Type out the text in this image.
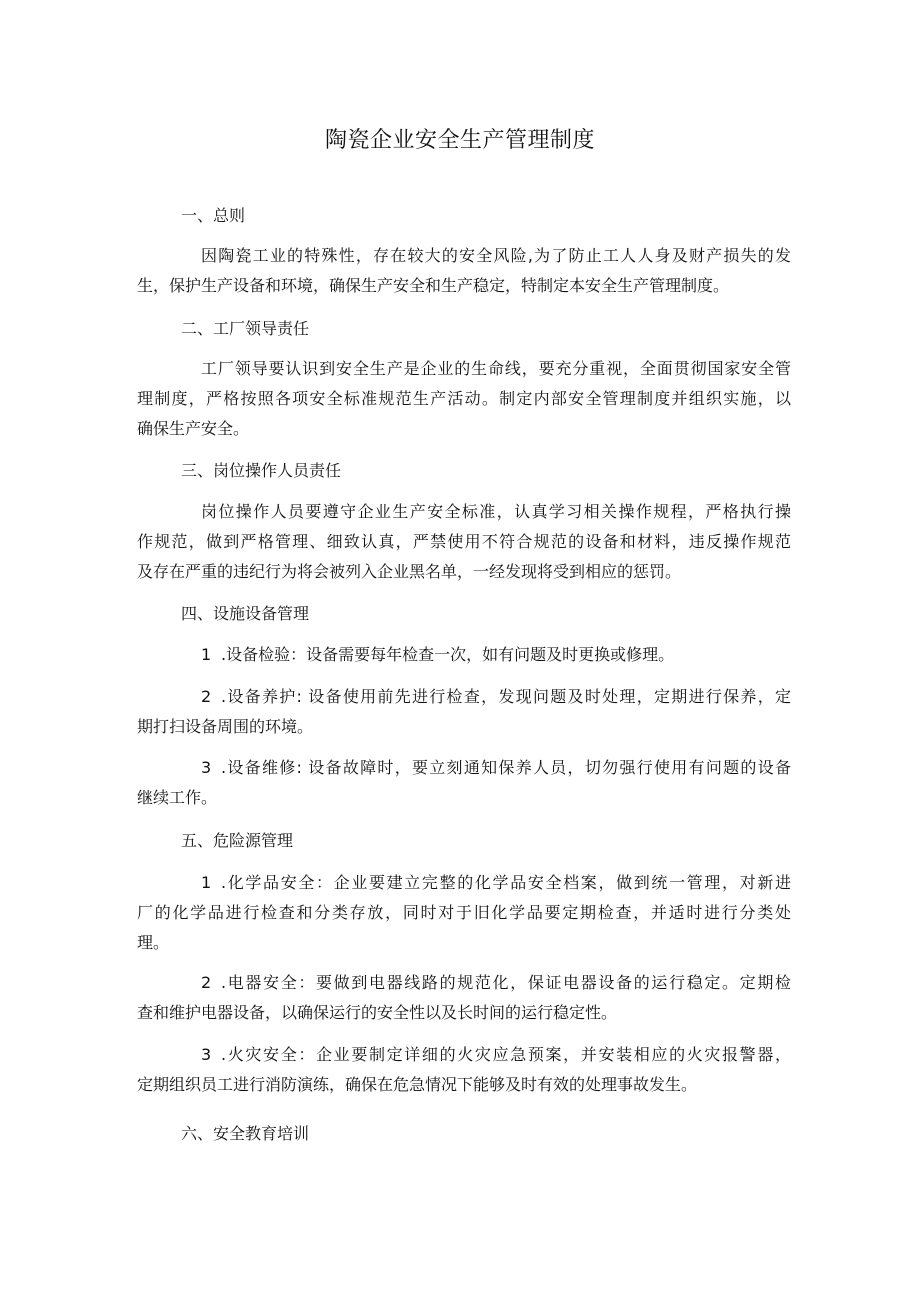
陶瓷企业安全生产管理制度
一、总则
因陶瓷工业的特殊性，存在较大的安全风险,为了防止工人人身及财产损失的发
生，保护生产设备和环境，确保生产安全和生产稳定，特制定本安全生产管理制度。
二、工厂领导责任
工厂领导要认识到安全生产是企业的生命线，要充分重视，全面贯彻国家安全管
理制度，严格按照各项安全标准规范生产活动。制定内部安全管理制度并组织实施，以
确保生产安全。
三、岗位操作人员责任
岗位操作人员要遵守企业生产安全标准，认真学习相关操作规程，严格执行操
作规范，做到严格管理、细致认真，严禁使用不符合规范的设备和材料，违反操作规范
及存在严重的违纪行为将会被列入企业黑名单，一经发现将受到相应的惩罚。
四、设施设备管理
1 .设备检验：设备需要每年检查一次，如有问题及时更换或修理。
2 .设备养护: 设备使用前先进行检查，发现问题及时处理，定期进行保养，定
期打扫设备周围的环境。
3 .设备维修: 设备故障时，要立刻通知保养人员，切勿强行使用有问题的设备
继续工作。
五、危险源管理
1 .化学品安全：企业要建立完整的化学品安全档案，做到统一管理，对新进
厂的化学品进行检查和分类存放，同时对于旧化学品要定期检查，并适时进行分类处
理。
2 .电器安全：要做到电器线路的规范化，保证电器设备的运行稳定。定期检
查和维护电器设备，以确保运行的安全性以及长时间的运行稳定性。
3 .火灾安全：企业要制定详细的火灾应急预案，并安装相应的火灾报警器，
定期组织员工进行消防演练，确保在危急情况下能够及时有效的处理事故发生。
六、安全教育培训
